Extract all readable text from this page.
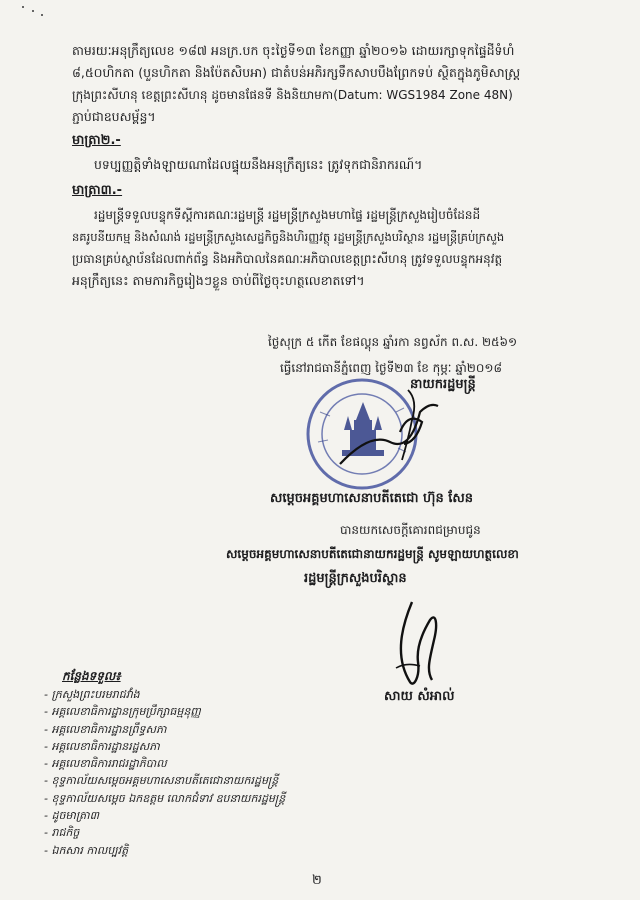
តាមរយៈអនុក្រឹត្យលេខ ១៨៧ អនក្រ.បក ចុះថ្ងៃទី១៣ ខែកញ្ញា ឆ្នាំ២០១៦ ដោយរក្សាទុកផ្ទៃដីទំហំ
៨,៥០ហិកតា (បួនហិកតា និងប៉ែតសិបអា) ជាតំបន់អភិរក្សទឹកសាបបឹងព្រែកទប់ ស្ថិតក្នុងភូមិសាស្ត្រ
ក្រុងព្រះសីហនុ ខេត្តព្រះសីហនុ ដូចមានផែនទី និងនិយាមកា(Datum: WGS1984 Zone 48N)
ភ្ជាប់ជាឧបសម្ព័ន្ធ។
មាត្រា២.-
បទប្បញ្ញត្តិទាំងឡាយណាដែលផ្ទុយនឹងអនុក្រឹត្យនេះ ត្រូវទុកជានិរាករណ៍។
មាត្រា៣.-
រដ្ឋមន្ត្រីទទួលបន្ទុកទីស្តីការគណៈរដ្ឋមន្ត្រី រដ្ឋមន្ត្រីក្រសួងមហាផ្ទៃ រដ្ឋមន្ត្រីក្រសួងរៀបចំដែនដី
នគរូបនីយកម្ម និងសំណង់ រដ្ឋមន្ត្រីក្រសួងសេដ្ឋកិច្ចនិងហិរញ្ញវត្ថុ រដ្ឋមន្ត្រីក្រសួងបរិស្ថាន រដ្ឋមន្ត្រីគ្រប់ក្រសួង
ប្រធានគ្រប់ស្ថាប័នដែលពាក់ព័ន្ធ និងអភិបាលនៃគណៈអភិបាលខេត្តព្រះសីហនុ ត្រូវទទួលបន្ទុកអនុវត្ត
អនុក្រឹត្យនេះ តាមភារកិច្ចរៀងៗខ្លួន ចាប់ពីថ្ងៃចុះហត្ថលេខាតទៅ។
ថ្ងៃសុក្រ ៥ កើត ខែផល្គុន ឆ្នាំរកា នព្វស័ក ព.ស. ២៥៦១
ធ្វើនៅរាជធានីភ្នំពេញ ថ្ងៃទី២៣ ខែ កុម្ភៈ ឆ្នាំ២០១៨
នាយករដ្ឋមន្ត្រី
សម្តេចអគ្គមហាសេនាបតីតេជោ ហ៊ុន សែន
បានយកសេចក្តីគោរពជម្រាបជូន
សម្តេចអគ្គមហាសេនាបតីតេជោនាយករដ្ឋមន្ត្រី សូមឡាយហត្ថលេខា
រដ្ឋមន្ត្រីក្រសួងបរិស្ថាន
សាយ សំអាល់
កន្លែងទទួល៖
- ក្រសួងព្រះបរមរាជវាំង
- អគ្គលេខាធិការដ្ឋានក្រុមប្រឹក្សាធម្មនុញ្ញ
- អគ្គលេខាធិការដ្ឋានព្រឹទ្ធសភា
- អគ្គលេខាធិការដ្ឋានរដ្ឋសភា
- អគ្គលេខាធិការរាជរដ្ឋាភិបាល
- ខុទ្ទកាល័យសម្តេចអគ្គមហាសេនាបតីតេជោនាយករដ្ឋមន្ត្រី
- ខុទ្ទកាល័យសម្តេច ឯកឧត្តម លោកជំទាវ ឧបនាយករដ្ឋមន្ត្រី
- ដូចមាត្រា៣
- រាជកិច្ច
- ឯកសារ កាលប្បវត្តិ
២
